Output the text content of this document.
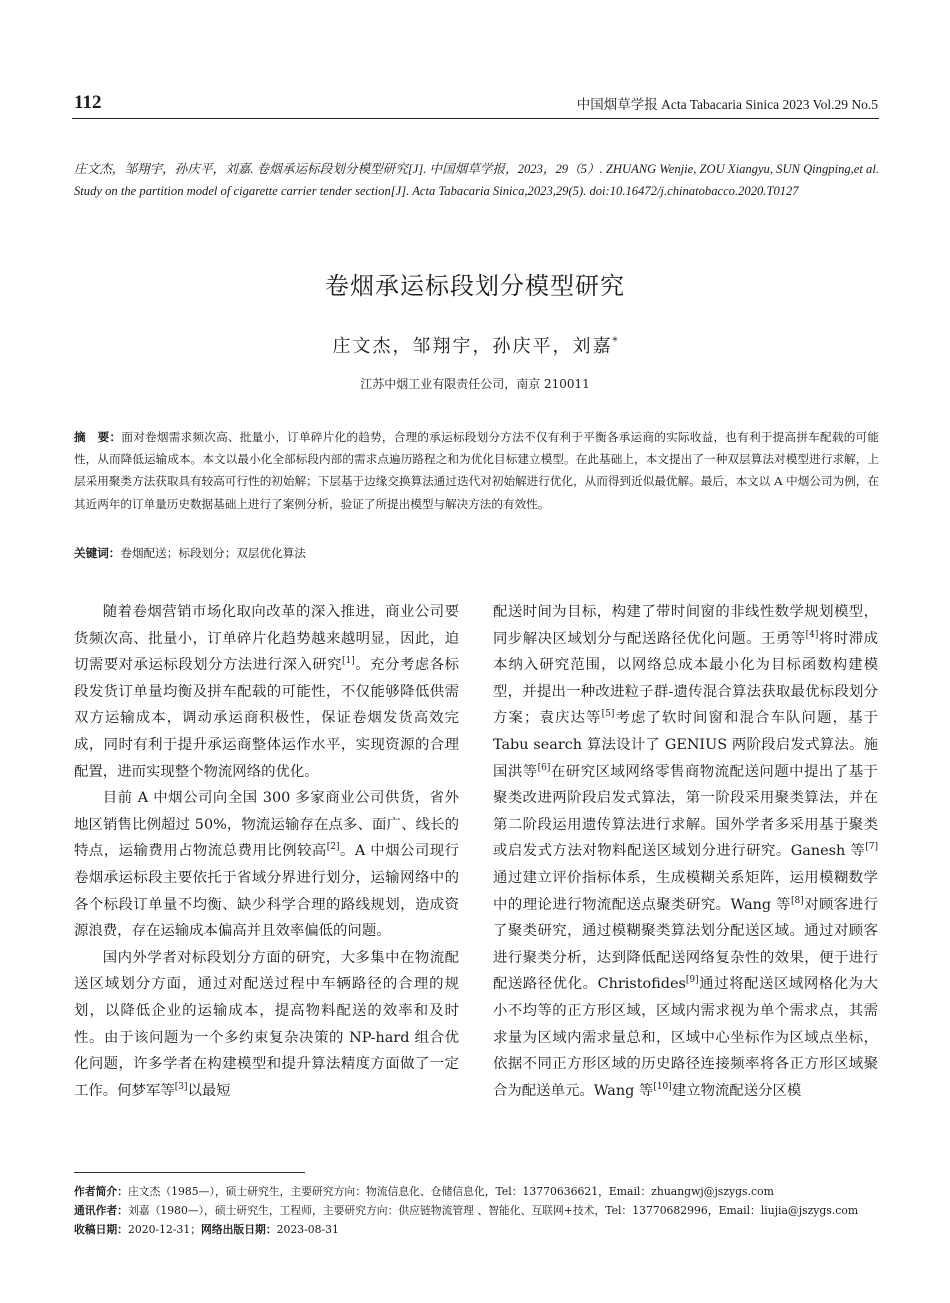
112	中国烟草学报 Acta Tabacaria Sinica 2023 Vol.29 No.5
庄文杰，邹翔宇，孙庆平，刘嘉. 卷烟承运标段划分模型研究[J]. 中国烟草学报，2023，29（5）. ZHUANG Wenjie, ZOU Xiangyu, SUN Qingping,et al. Study on the partition model of cigarette carrier tender section[J]. Acta Tabacaria Sinica,2023,29(5). doi:10.16472/j.chinatobacco.2020.T0127
卷烟承运标段划分模型研究
庄文杰，邹翔宇，孙庆平，刘嘉*
江苏中烟工业有限责任公司，南京 210011
摘　要：面对卷烟需求频次高、批量小，订单碎片化的趋势，合理的承运标段划分方法不仅有利于平衡各承运商的实际收益，也有利于提高拼车配载的可能性，从而降低运输成本。本文以最小化全部标段内部的需求点遍历路程之和为优化目标建立模型。在此基础上，本文提出了一种双层算法对模型进行求解，上层采用聚类方法获取具有较高可行性的初始解；下层基于边缘交换算法通过迭代对初始解进行优化，从而得到近似最优解。最后，本文以 A 中烟公司为例，在其近两年的订单量历史数据基础上进行了案例分析，验证了所提出模型与解决方法的有效性。
关键词：卷烟配送；标段划分；双层优化算法

随着卷烟营销市场化取向改革的深入推进，商业公司要货频次高、批量小，订单碎片化趋势越来越明显，因此，迫切需要对承运标段划分方法进行深入研究[1]。充分考虑各标段发货订单量均衡及拼车配载的可能性，不仅能够降低供需双方运输成本，调动承运商积极性，保证卷烟发货高效完成，同时有利于提升承运商整体运作水平，实现资源的合理配置，进而实现整个物流网络的优化。

目前 A 中烟公司向全国 300 多家商业公司供货，省外地区销售比例超过 50%，物流运输存在点多、面广、线长的特点，运输费用占物流总费用比例较高[2]。A 中烟公司现行卷烟承运标段主要依托于省域分界进行划分，运输网络中的各个标段订单量不均衡、缺少科学合理的路线规划，造成资源浪费，存在运输成本偏高并且效率偏低的问题。

国内外学者对标段划分方面的研究，大多集中在物流配送区域划分方面，通过对配送过程中车辆路径的合理的规划，以降低企业的运输成本，提高物料配送的效率和及时性。由于该问题为一个多约束复杂决策的 NP-hard 组合优化问题，许多学者在构建模型和提升算法精度方面做了一定工作。何梦军等[3]以最短

配送时间为目标，构建了带时间窗的非线性数学规划模型，同步解决区域划分与配送路径优化问题。王勇等[4]将时滞成本纳入研究范围，以网络总成本最小化为目标函数构建模型，并提出一种改进粒子群-遗传混合算法获取最优标段划分方案；袁庆达等[5]考虑了软时间窗和混合车队问题，基于 Tabu search 算法设计了 GENIUS 两阶段启发式算法。施国洪等[6]在研究区域网络零售商物流配送问题中提出了基于聚类改进两阶段启发式算法，第一阶段采用聚类算法，并在第二阶段运用遗传算法进行求解。国外学者多采用基于聚类或启发式方法对物料配送区域划分进行研究。Ganesh 等[7]通过建立评价指标体系，生成模糊关系矩阵，运用模糊数学中的理论进行物流配送点聚类研究。Wang 等[8]对顾客进行了聚类研究，通过模糊聚类算法划分配送区域。通过对顾客进行聚类分析，达到降低配送网络复杂性的效果，便于进行配送路径优化。Christofides[9]通过将配送区域网格化为大小不均等的正方形区域，区域内需求视为单个需求点，其需求量为区域内需求量总和，区域中心坐标作为区域点坐标，依据不同正方形区域的历史路径连接频率将各正方形区域聚合为配送单元。Wang 等[10]建立物流配送分区模

作者简介：庄文杰（1985—），硕士研究生，主要研究方向：物流信息化、仓储信息化，Tel：13770636621，Email：zhuangwj@jszygs.com
通讯作者：刘嘉（1980—），硕士研究生，工程师，主要研究方向：供应链物流管理 、智能化、互联网+技术，Tel：13770682996，Email：liujia@jszygs.com
收稿日期：2020-12-31；网络出版日期：2023-08-31
